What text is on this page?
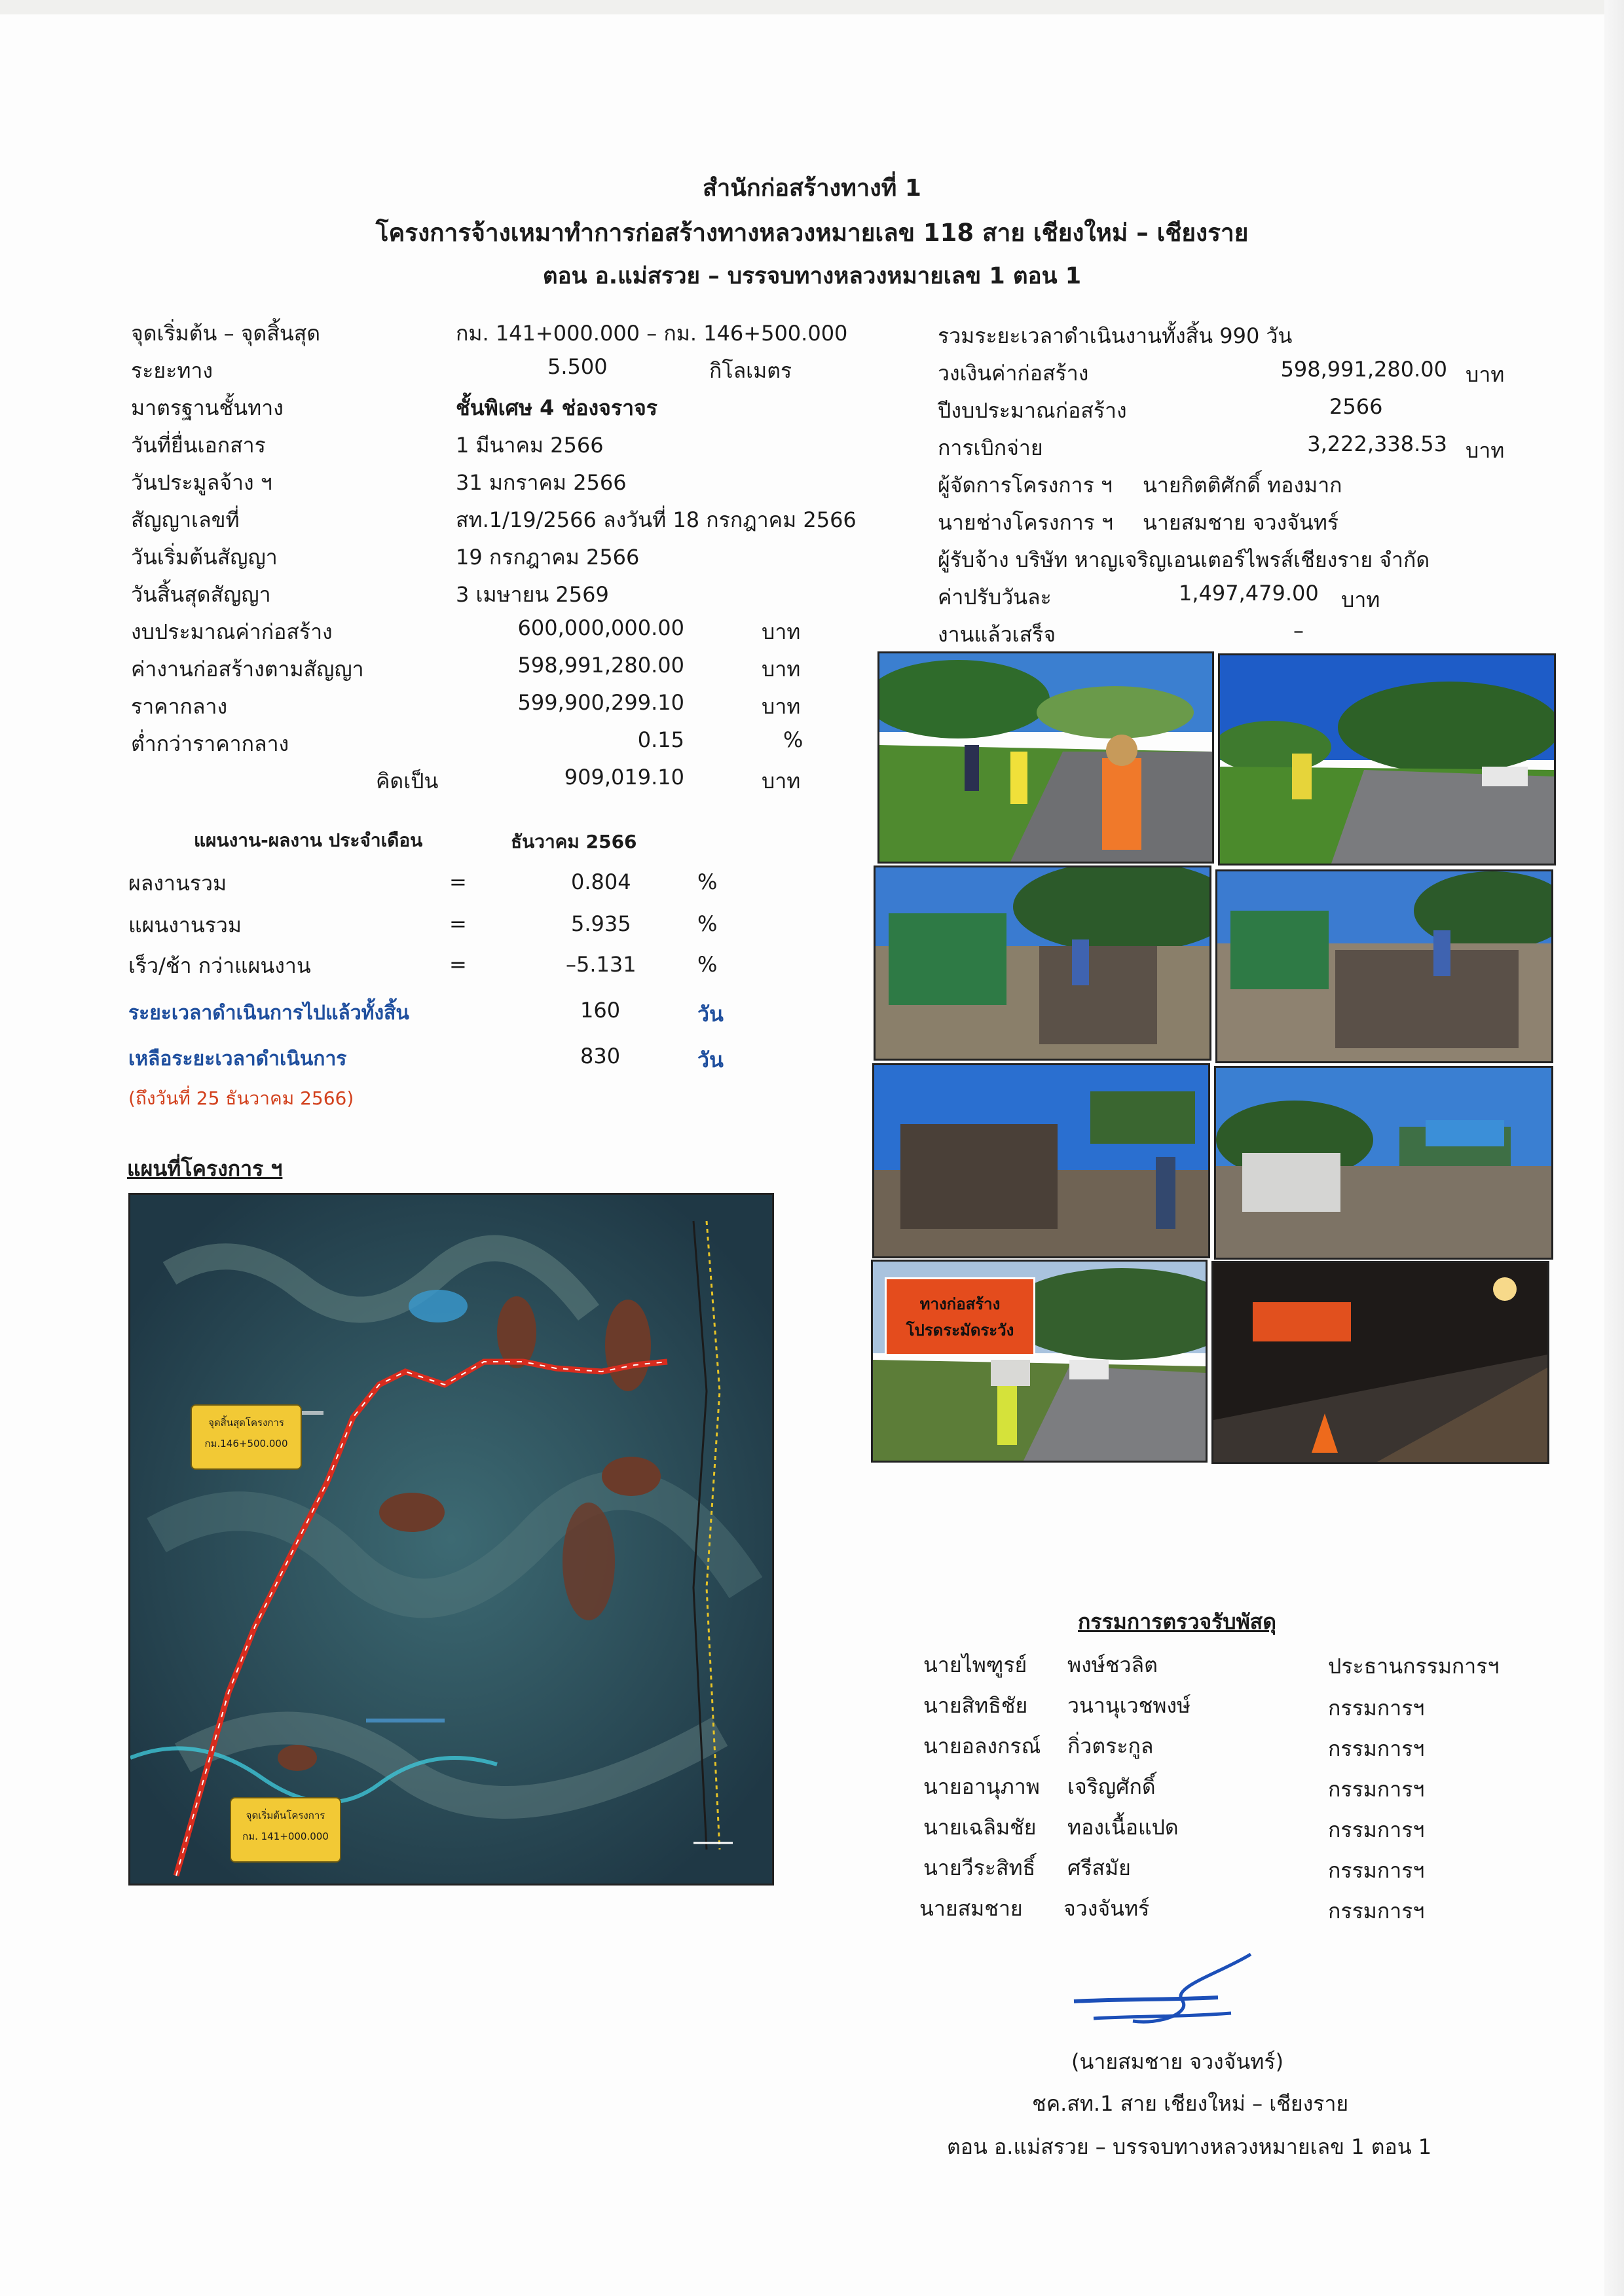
สำนักก่อสร้างทางที่ 1
โครงการจ้างเหมาทำการก่อสร้างทางหลวงหมายเลข 118 สาย เชียงใหม่ – เชียงราย
ตอน อ.แม่สรวย – บรรจบทางหลวงหมายเลข 1 ตอน 1
จุดเริ่มต้น – จุดสิ้นสุด	กม. 141+000.000 – กม. 146+500.000
ระยะทาง	5.500	กิโลเมตร
มาตรฐานชั้นทาง	ชั้นพิเศษ 4 ช่องจราจร
วันที่ยื่นเอกสาร	1 มีนาคม 2566
วันประมูลจ้าง ฯ	31 มกราคม 2566
สัญญาเลขที่	สท.1/19/2566 ลงวันที่ 18 กรกฎาคม 2566
วันเริ่มต้นสัญญา	19 กรกฎาคม 2566
วันสิ้นสุดสัญญา	3 เมษายน 2569
งบประมาณค่าก่อสร้าง	600,000,000.00	บาท
ค่างานก่อสร้างตามสัญญา	598,991,280.00	บาท
ราคากลาง	599,900,299.10	บาท
ต่ำกว่าราคากลาง	0.15	%
คิดเป็น	909,019.10	บาท
รวมระยะเวลาดำเนินงานทั้งสิ้น 990 วัน
วงเงินค่าก่อสร้าง	598,991,280.00 บาท
ปีงบประมาณก่อสร้าง	2566
การเบิกจ่าย	3,222,338.53 บาท
ผู้จัดการโครงการ ฯ นายกิตติศักดิ์ ทองมาก
นายช่างโครงการ ฯ นายสมชาย จวงจันทร์
ผู้รับจ้าง บริษัท หาญเจริญเอนเตอร์ไพรส์เชียงราย จำกัด
ค่าปรับวันละ	1,497,479.00 บาท
งานแล้วเสร็จ	–
แผนงาน-ผลงาน ประจำเดือน	ธันวาคม 2566
ผลงานรวม	=	0.804	%
แผนงานรวม	=	5.935	%
เร็ว/ช้า กว่าแผนงาน	=	–5.131	%
ระยะเวลาดำเนินการไปแล้วทั้งสิ้น	160	วัน
เหลือระยะเวลาดำเนินการ	830	วัน
(ถึงวันที่ 25 ธันวาคม 2566)
แผนที่โครงการ ฯ
จุดสิ้นสุดโครงการ
กม.146+500.000
จุดเริ่มต้นโครงการ
กม. 141+000.000
ทางก่อสร้าง
โปรดระมัดระวัง
กรรมการตรวจรับพัสดุ
นายไพฑูรย์ พงษ์ชวลิต	ประธานกรรมการฯ
นายสิทธิชัย วนานุเวชพงษ์	กรรมการฯ
นายอลงกรณ์ กิ่วตระกูล	กรรมการฯ
นายอานุภาพ เจริญศักดิ์	กรรมการฯ
นายเฉลิมชัย ทองเนื้อแปด	กรรมการฯ
นายวีระสิทธิ์ ศรีสมัย	กรรมการฯ
นายสมชาย จวงจันทร์	กรรมการฯ
(นายสมชาย จวงจันทร์)
ชค.สท.1 สาย เชียงใหม่ – เชียงราย
ตอน อ.แม่สรวย – บรรจบทางหลวงหมายเลข 1 ตอน 1
